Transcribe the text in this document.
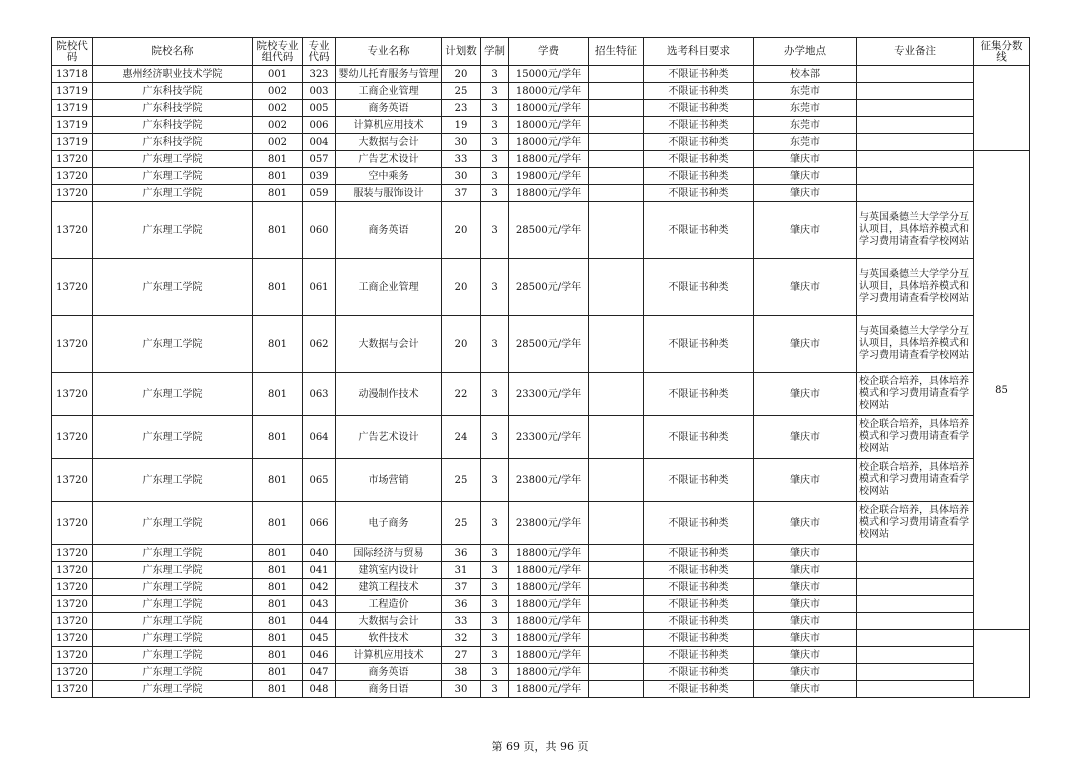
院校代码	院校名称	院校专业组代码	专业代码	专业名称	计划数	学制	学费	招生特征	选考科目要求	办学地点	专业备注	征集分数线
13718	惠州经济职业技术学院	001	323	婴幼儿托育服务与管理	20	3	15000元/学年		不限证书种类	校本部		
13719	广东科技学院	002	003	工商企业管理	25	3	18000元/学年		不限证书种类	东莞市		
13719	广东科技学院	002	005	商务英语	23	3	18000元/学年		不限证书种类	东莞市		
13719	广东科技学院	002	006	计算机应用技术	19	3	18000元/学年		不限证书种类	东莞市		
13719	广东科技学院	002	004	大数据与会计	30	3	18000元/学年		不限证书种类	东莞市		
13720	广东理工学院	801	057	广告艺术设计	33	3	18800元/学年		不限证书种类	肇庆市		85
13720	广东理工学院	801	039	空中乘务	30	3	19800元/学年		不限证书种类	肇庆市		
13720	广东理工学院	801	059	服装与服饰设计	37	3	18800元/学年		不限证书种类	肇庆市		
13720	广东理工学院	801	060	商务英语	20	3	28500元/学年		不限证书种类	肇庆市	与英国桑德兰大学学分互认项目，具体培养模式和学习费用请查看学校网站	
13720	广东理工学院	801	061	工商企业管理	20	3	28500元/学年		不限证书种类	肇庆市	与英国桑德兰大学学分互认项目，具体培养模式和学习费用请查看学校网站	
13720	广东理工学院	801	062	大数据与会计	20	3	28500元/学年		不限证书种类	肇庆市	与英国桑德兰大学学分互认项目，具体培养模式和学习费用请查看学校网站	
13720	广东理工学院	801	063	动漫制作技术	22	3	23300元/学年		不限证书种类	肇庆市	校企联合培养，具体培养模式和学习费用请查看学校网站	
13720	广东理工学院	801	064	广告艺术设计	24	3	23300元/学年		不限证书种类	肇庆市	校企联合培养，具体培养模式和学习费用请查看学校网站	
13720	广东理工学院	801	065	市场营销	25	3	23800元/学年		不限证书种类	肇庆市	校企联合培养，具体培养模式和学习费用请查看学校网站	
13720	广东理工学院	801	066	电子商务	25	3	23800元/学年		不限证书种类	肇庆市	校企联合培养，具体培养模式和学习费用请查看学校网站	
13720	广东理工学院	801	040	国际经济与贸易	36	3	18800元/学年		不限证书种类	肇庆市		
13720	广东理工学院	801	041	建筑室内设计	31	3	18800元/学年		不限证书种类	肇庆市		
13720	广东理工学院	801	042	建筑工程技术	37	3	18800元/学年		不限证书种类	肇庆市		
13720	广东理工学院	801	043	工程造价	36	3	18800元/学年		不限证书种类	肇庆市		
13720	广东理工学院	801	044	大数据与会计	33	3	18800元/学年		不限证书种类	肇庆市		
13720	广东理工学院	801	045	软件技术	32	3	18800元/学年		不限证书种类	肇庆市		
13720	广东理工学院	801	046	计算机应用技术	27	3	18800元/学年		不限证书种类	肇庆市		
13720	广东理工学院	801	047	商务英语	38	3	18800元/学年		不限证书种类	肇庆市		
13720	广东理工学院	801	048	商务日语	30	3	18800元/学年		不限证书种类	肇庆市		
第 69 页，共 96 页
